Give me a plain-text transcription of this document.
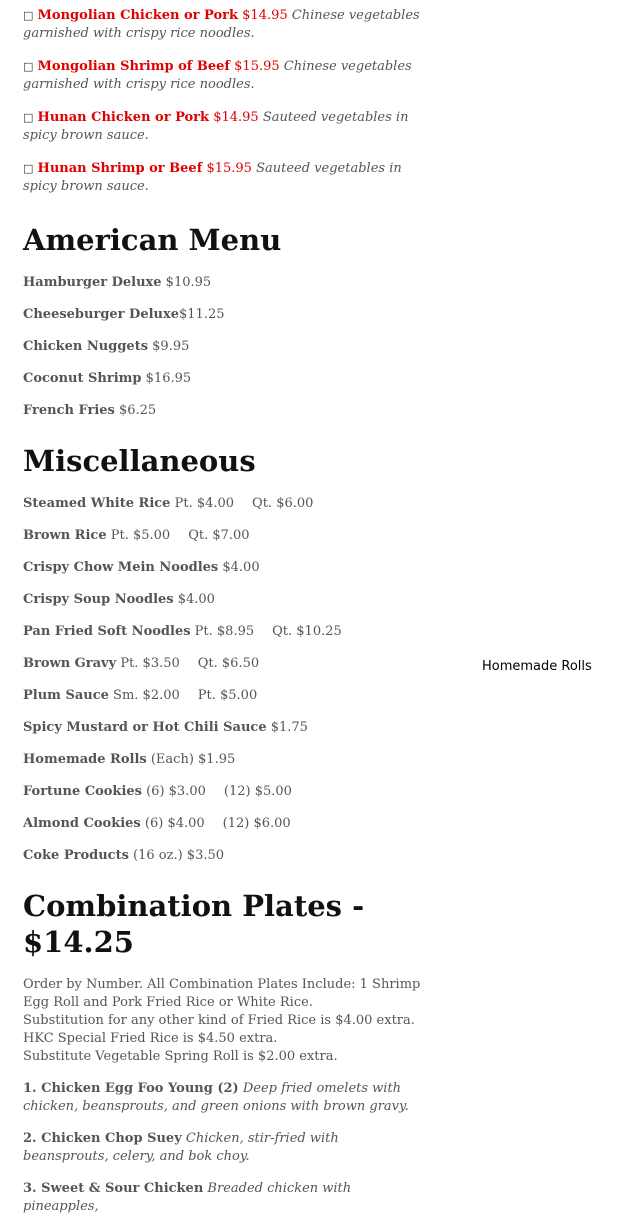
□ Mongolian Chicken or Pork $14.95 Chinese vegetables garnished with crispy rice noodles.

□ Mongolian Shrimp of Beef $15.95 Chinese vegetables garnished with crispy rice noodles.

□ Hunan Chicken or Pork $14.95 Sauteed vegetables in spicy brown sauce.

□ Hunan Shrimp or Beef $15.95 Sauteed vegetables in spicy brown sauce.

American Menu

Hamburger Deluxe $10.95

Cheeseburger Deluxe$11.25

Chicken Nuggets $9.95

Coconut Shrimp $16.95

French Fries $6.25

Miscellaneous

Steamed White Rice Pt. $4.00 Qt. $6.00

Brown Rice Pt. $5.00 Qt. $7.00

Crispy Chow Mein Noodles $4.00

Crispy Soup Noodles $4.00

Pan Fried Soft Noodles Pt. $8.95 Qt. $10.25

Brown Gravy Pt. $3.50 Qt. $6.50

Plum Sauce Sm. $2.00 Pt. $5.00

Spicy Mustard or Hot Chili Sauce $1.75

Homemade Rolls (Each) $1.95

Fortune Cookies (6) $3.00 (12) $5.00

Almond Cookies (6) $4.00 (12) $6.00

Coke Products (16 oz.) $3.50

Combination Plates - $14.25

Order by Number. All Combination Plates Include: 1 Shrimp Egg Roll and Pork Fried Rice or White Rice.

Substitution for any other kind of Fried Rice is $4.00 extra.

HKC Special Fried Rice is $4.50 extra.

Substitute Vegetable Spring Roll is $2.00 extra.

1. Chicken Egg Foo Young (2) Deep fried omelets with chicken, beansprouts, and green onions with brown gravy.

2. Chicken Chop Suey Chicken, stir-fried with beansprouts, celery, and bok choy.

3. Sweet & Sour Chicken Breaded chicken with pineapples,

Homemade Rolls
